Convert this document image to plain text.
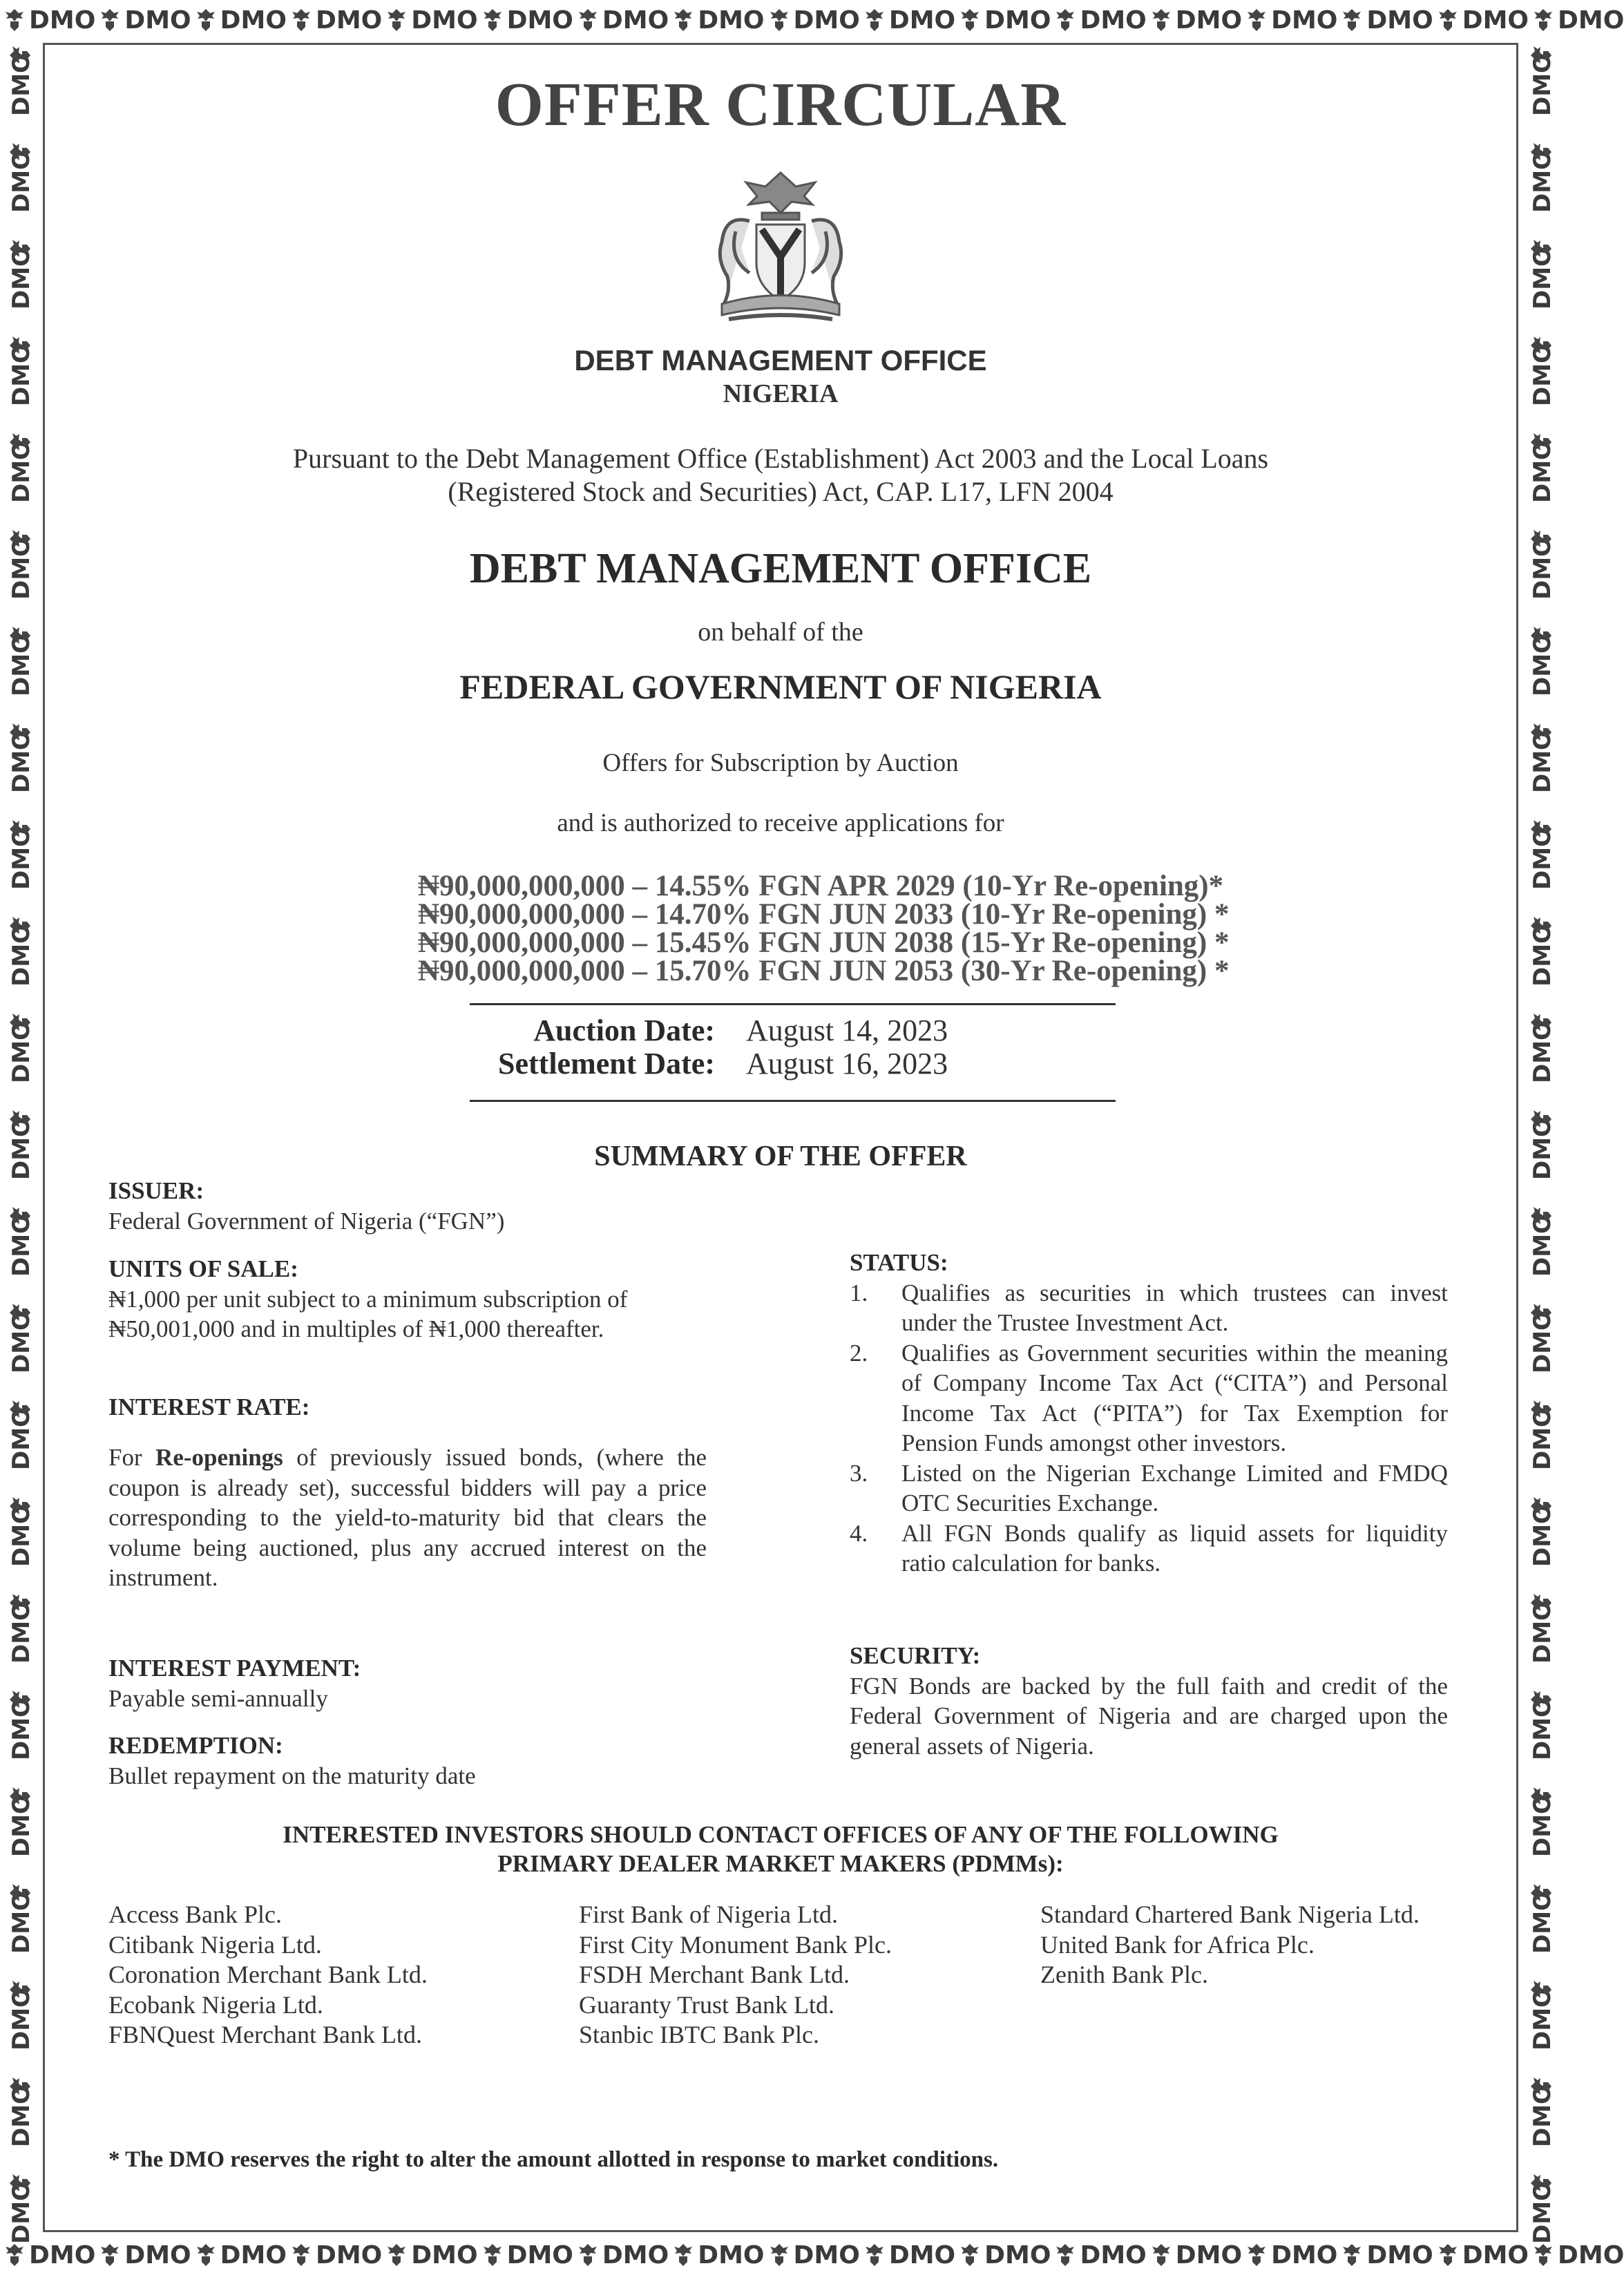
DMO DMO DMO DMO DMO DMO DMO DMO DMO DMO DMO DMO DMO DMO DMO DMO DMO
DMO DMO DMO DMO DMO DMO DMO DMO DMO DMO DMO DMO DMO DMO DMO DMO DMO
DMO
DMO
DMO
DMO
DMO
DMO
DMO
DMO
DMO
DMO
DMO
DMO
DMO
DMO
DMO
DMO
DMO
DMO
DMO
DMO
DMO
DMO
DMO
DMO
DMO
DMO
DMO
DMO
DMO
DMO
DMO
DMO
DMO
DMO
DMO
DMO
DMO
DMO
DMO
DMO
DMO
DMO
DMO
DMO
DMO
DMO
OFFER CIRCULAR
DEBT MANAGEMENT OFFICE
NIGERIA
Pursuant to the Debt Management Office (Establishment) Act 2003 and the Local Loans
(Registered Stock and Securities) Act, CAP. L17, LFN 2004
DEBT MANAGEMENT OFFICE
on behalf of the
FEDERAL GOVERNMENT OF NIGERIA
Offers for Subscription by Auction
and is authorized to receive applications for
₦90,000,000,000 – 14.55% FGN APR 2029 (10-Yr Re-opening)*
₦90,000,000,000 – 14.70% FGN JUN 2033 (10-Yr Re-opening) *
₦90,000,000,000 – 15.45% FGN JUN 2038 (15-Yr Re-opening) *
₦90,000,000,000 – 15.70% FGN JUN 2053 (30-Yr Re-opening) *
Auction Date:	August 14, 2023
Settlement Date:	August 16, 2023
SUMMARY OF THE OFFER
ISSUER:
Federal Government of Nigeria (“FGN”)
UNITS OF SALE:
₦1,000 per unit subject to a minimum subscription of ₦50,001,000 and in multiples of ₦1,000 thereafter.
INTEREST RATE:
For Re-openings of previously issued bonds, (where the coupon is already set), successful bidders will pay a price corresponding to the yield-to-maturity bid that clears the volume being auctioned, plus any accrued interest on the instrument.
INTEREST PAYMENT:
Payable semi-annually
REDEMPTION:
Bullet repayment on the maturity date
STATUS:
1.	Qualifies as securities in which trustees can invest under the Trustee Investment Act.
2.	Qualifies as Government securities within the meaning of Company Income Tax Act (“CITA”) and Personal Income Tax Act (“PITA”) for Tax Exemption for Pension Funds amongst other investors.
3.	Listed on the Nigerian Exchange Limited and FMDQ OTC Securities Exchange.
4.	All FGN Bonds qualify as liquid assets for liquidity ratio calculation for banks.
SECURITY:
FGN Bonds are backed by the full faith and credit of the Federal Government of Nigeria and are charged upon the general assets of Nigeria.
INTERESTED INVESTORS SHOULD CONTACT OFFICES OF ANY OF THE FOLLOWING
PRIMARY DEALER MARKET MAKERS (PDMMs):
Access Bank Plc.
Citibank Nigeria Ltd.
Coronation Merchant Bank Ltd.
Ecobank Nigeria Ltd.
FBNQuest Merchant Bank Ltd.
First Bank of Nigeria Ltd.
First City Monument Bank Plc.
FSDH Merchant Bank Ltd.
Guaranty Trust Bank Ltd.
Stanbic IBTC Bank Plc.
Standard Chartered Bank Nigeria Ltd.
United Bank for Africa Plc.
Zenith Bank Plc.
* The DMO reserves the right to alter the amount allotted in response to market conditions.
